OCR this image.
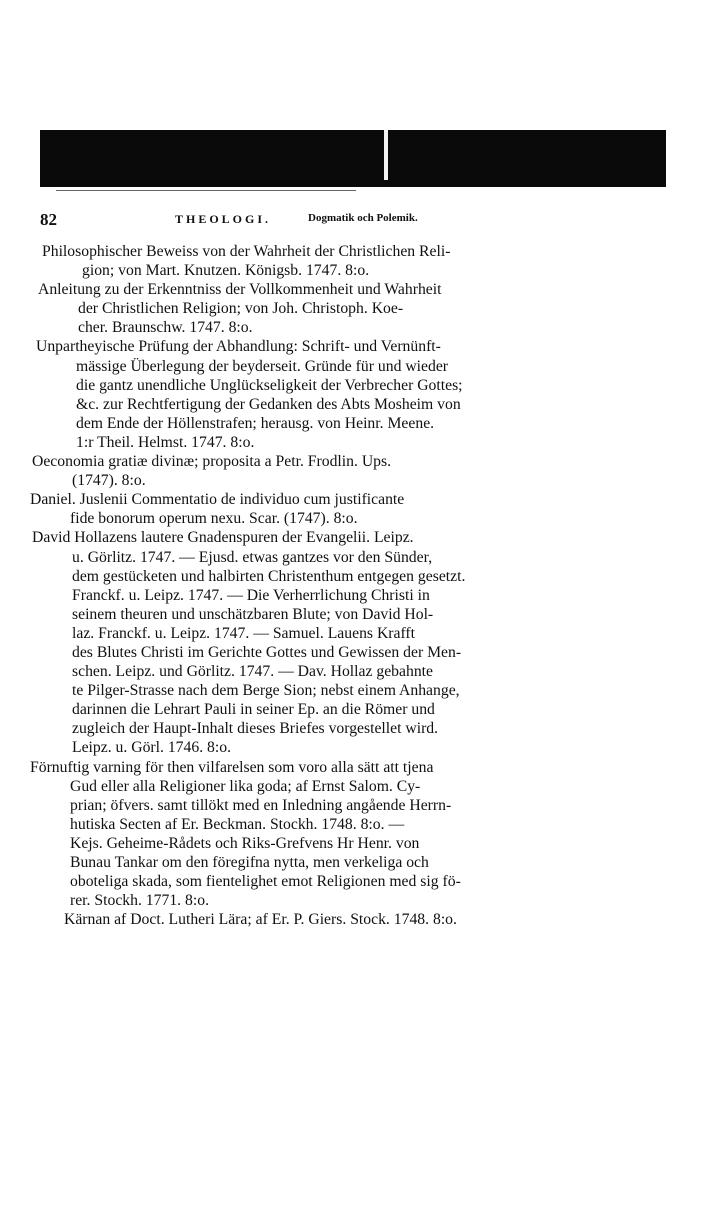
82	THEOLOGI.	Dogmatik och Polemik.

Philosophischer Beweiss von der Wahrheit der Christlichen Reli-
gion; von Mart. Knutzen. Königsb. 1747. 8:o.

Anleitung zu der Erkenntniss der Vollkommenheit und Wahrheit
der Christlichen Religion; von Joh. Christoph. Koe-
cher. Braunschw. 1747. 8:o.

Unpartheyische Prüfung der Abhandlung: Schrift- und Vernünft-
mässige Überlegung der beyderseit. Gründe für und wieder
die gantz unendliche Unglückseligkeit der Verbrecher Gottes;
&c. zur Rechtfertigung der Gedanken des Abts Mosheim von
dem Ende der Höllenstrafen; herausg. von Heinr. Meene.
1:r Theil. Helmst. 1747. 8:o.

Oeconomia gratiæ divinæ; proposita a Petr. Frodlin. Ups.
(1747). 8:o.

Daniel. Juslenii Commentatio de individuo cum justificante
fide bonorum operum nexu. Scar. (1747). 8:o.

David Hollazens lautere Gnadenspuren der Evangelii. Leipz.
u. Görlitz. 1747. — Ejusd. etwas gantzes vor den Sünder,
dem gestücketen und halbirten Christenthum entgegen gesetzt.
Franckf. u. Leipz. 1747. — Die Verherrlichung Christi in
seinem theuren und unschätzbaren Blute; von David Hol-
laz. Franckf. u. Leipz. 1747. — Samuel. Lauens Krafft
des Blutes Christi im Gerichte Gottes und Gewissen der Men-
schen. Leipz. und Görlitz. 1747. — Dav. Hollaz gebahnte
te Pilger-Strasse nach dem Berge Sion; nebst einem Anhange,
darinnen die Lehrart Pauli in seiner Ep. an die Römer und
zugleich der Haupt-Inhalt dieses Briefes vorgestellet wird.
Leipz. u. Görl. 1746. 8:o.

Förnuftig varning för then vilfarelsen som voro alla sätt att tjena
Gud eller alla Religioner lika goda; af Ernst Salom. Cy-
prian; öfvers. samt tillökt med en Inledning angående Herrn-
hutiska Secten af Er. Beckman. Stockh. 1748. 8:o. —
Kejs. Geheime-Rådets och Riks-Grefvens Hr Henr. von
Bunau Tankar om den föregifna nytta, men verkeliga och
oboteliga skada, som fientelighet emot Religionen med sig fö-
rer. Stockh. 1771. 8:o.

Kärnan af Doct. Lutheri Lära; af Er. P. Giers. Stock. 1748. 8:o.
